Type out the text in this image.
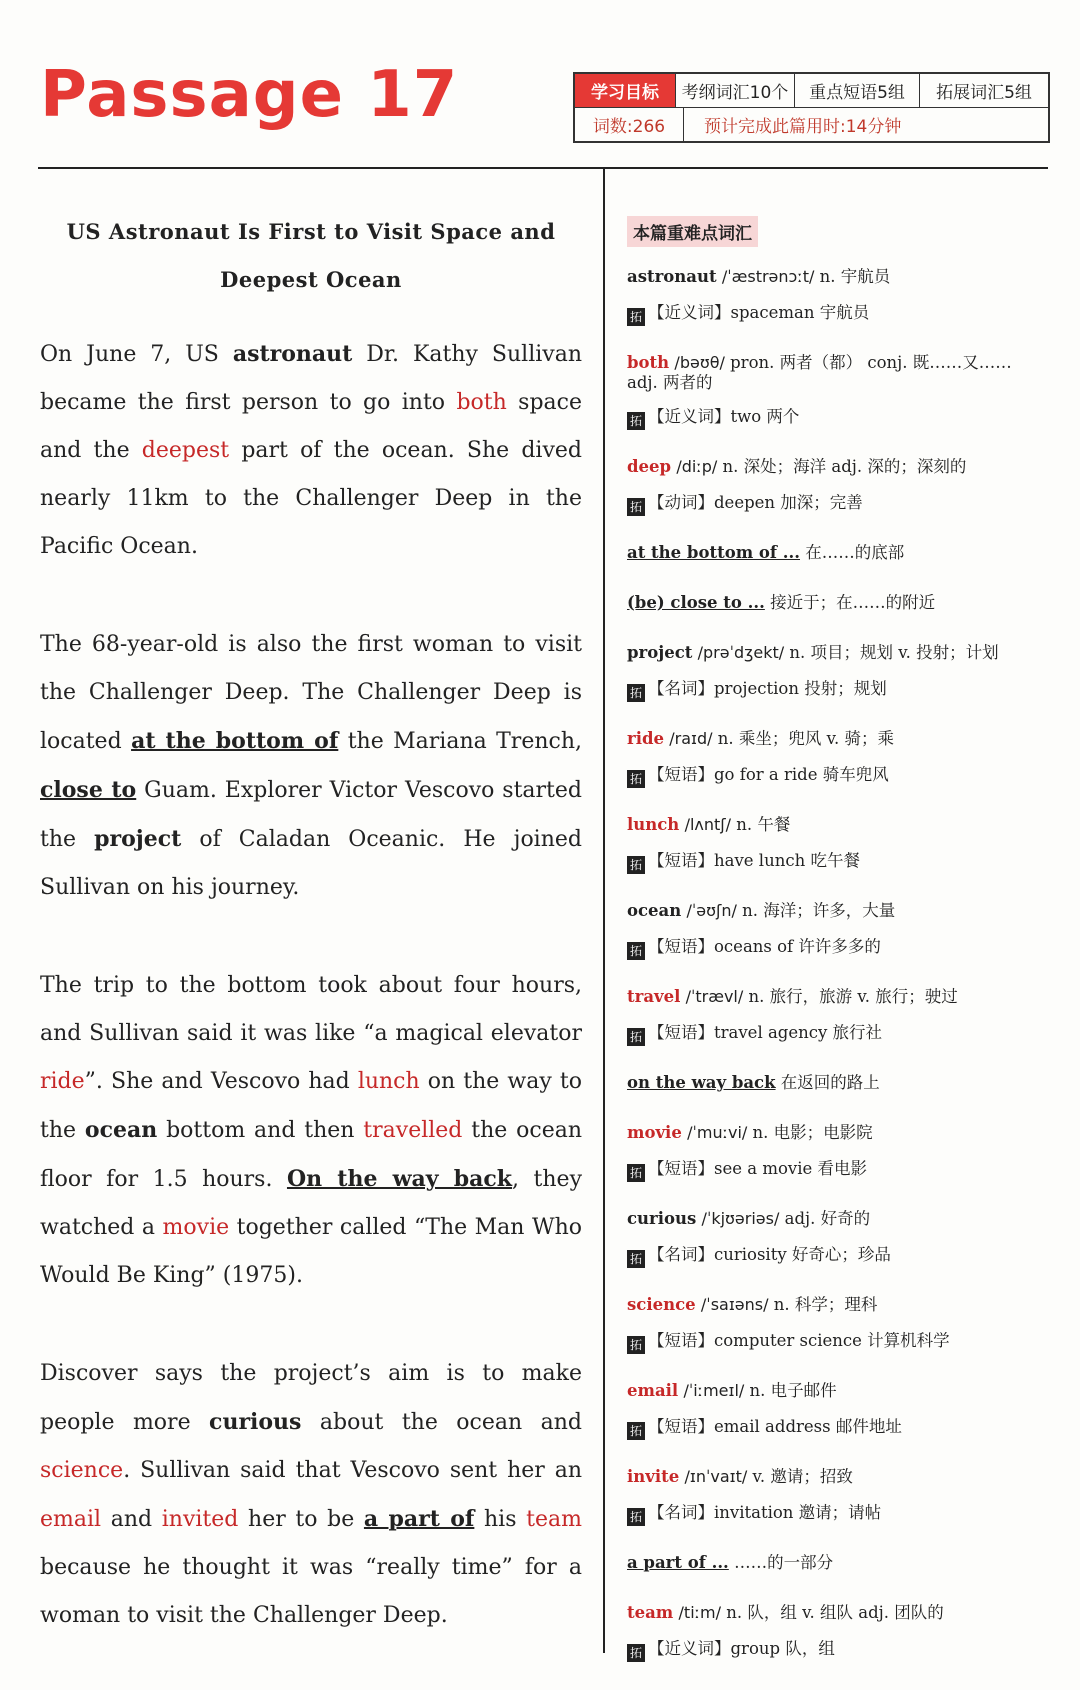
Passage 17	学习目标	考纲词汇10个	重点短语5组	拓展词汇5组
词数:266	预计完成此篇用时:14分钟
US Astronaut Is First to Visit Space and Deepest Ocean

On June 7, US astronaut Dr. Kathy Sullivan became the first person to go into both space and the deepest part of the ocean. She dived nearly 11km to the Challenger Deep in the Pacific Ocean.

The 68-year-old is also the first woman to visit the Challenger Deep. The Challenger Deep is located at the bottom of the Mariana Trench, close to Guam. Explorer Victor Vescovo started the project of Caladan Oceanic. He joined Sullivan on his journey.

The trip to the bottom took about four hours, and Sullivan said it was like “a magical elevator ride”. She and Vescovo had lunch on the way to the ocean bottom and then travelled the ocean floor for 1.5 hours. On the way back, they watched a movie together called “The Man Who Would Be King” (1975).

Discover says the project’s aim is to make people more curious about the ocean and science. Sullivan said that Vescovo sent her an email and invited her to be a part of his team because he thought it was “really time” for a woman to visit the Challenger Deep.

本篇重难点词汇
astronaut /ˈæstrənɔːt/ n. 宇航员
拓 【近义词】spaceman 宇航员
both /bəʊθ/ pron. 两者（都） conj. 既……又……
adj. 两者的
拓 【近义词】two 两个
deep /diːp/ n. 深处；海洋 adj. 深的；深刻的
拓 【动词】deepen 加深；完善
at the bottom of ... 在……的底部
(be) close to ... 接近于；在……的附近
project /prəˈdʒekt/ n. 项目；规划 v. 投射；计划
拓 【名词】projection 投射；规划
ride /raɪd/ n. 乘坐；兜风 v. 骑；乘
拓 【短语】go for a ride 骑车兜风
lunch /lʌntʃ/ n. 午餐
拓 【短语】have lunch 吃午餐
ocean /ˈəʊʃn/ n. 海洋；许多，大量
拓 【短语】oceans of 许许多多的
travel /ˈtrævl/ n. 旅行，旅游 v. 旅行；驶过
拓 【短语】travel agency 旅行社
on the way back 在返回的路上
movie /ˈmuːvi/ n. 电影；电影院
拓 【短语】see a movie 看电影
curious /ˈkjʊəriəs/ adj. 好奇的
拓 【名词】curiosity 好奇心；珍品
science /ˈsaɪəns/ n. 科学；理科
拓 【短语】computer science 计算机科学
email /ˈiːmeɪl/ n. 电子邮件
拓 【短语】email address 邮件地址
invite /ɪnˈvaɪt/ v. 邀请；招致
拓 【名词】invitation 邀请；请帖
a part of ... ……的一部分
team /tiːm/ n. 队，组 v. 组队 adj. 团队的
拓 【近义词】group 队，组
